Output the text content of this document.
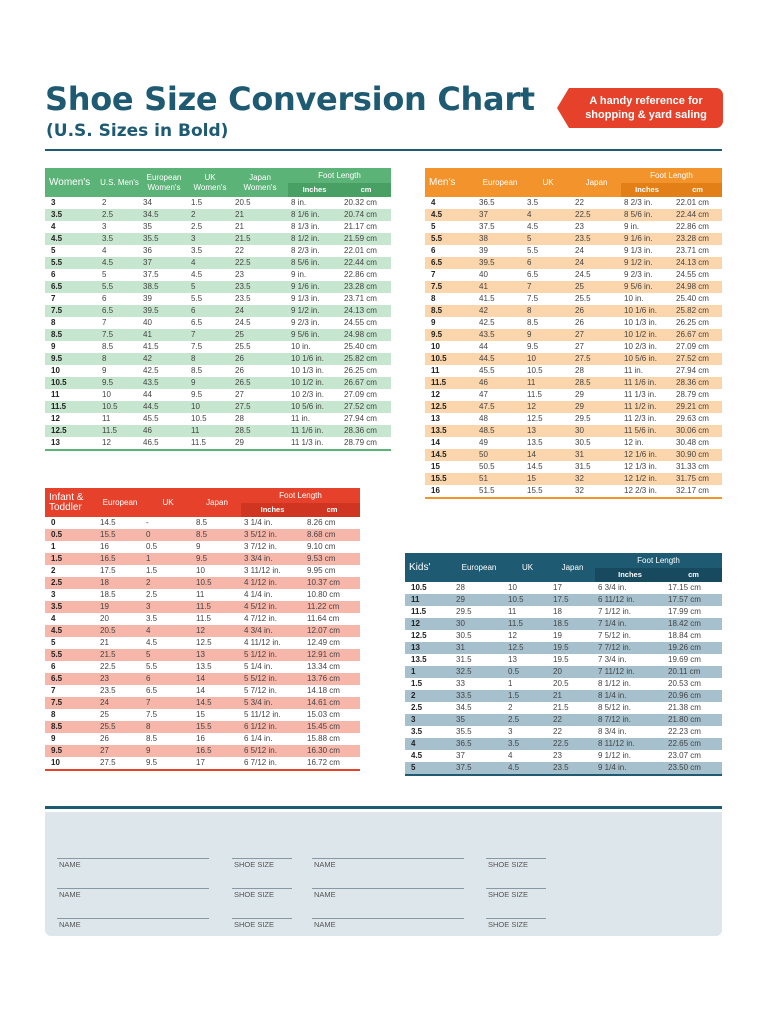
Shoe Size Conversion Chart
(U.S. Sizes in Bold)
A handy reference for
shopping & yard saling
Women's	U.S. Men's	European Women's	UK Women's	Japan Women's	Foot Length	
					Inches	cm
3	2	34	1.5	20.5	8 in.	20.32 cm
3.5	2.5	34.5	2	21	8 1/6 in.	20.74 cm
4	3	35	2.5	21	8 1/3 in.	21.17 cm
4.5	3.5	35.5	3	21.5	8 1/2 in.	21.59 cm
5	4	36	3.5	22	8 2/3 in.	22.01 cm
5.5	4.5	37	4	22.5	8 5/6 in.	22.44 cm
6	5	37.5	4.5	23	9 in.	22.86 cm
6.5	5.5	38.5	5	23.5	9 1/6 in.	23.28 cm
7	6	39	5.5	23.5	9 1/3 in.	23.71 cm
7.5	6.5	39.5	6	24	9 1/2 in.	24.13 cm
8	7	40	6.5	24.5	9 2/3 in.	24.55 cm
8.5	7.5	41	7	25	9 5/6 in.	24.98 cm
9	8.5	41.5	7.5	25.5	10 in.	25.40 cm
9.5	8	42	8	26	10 1/6 in.	25.82 cm
10	9	42.5	8.5	26	10 1/3 in.	26.25 cm
10.5	9.5	43.5	9	26.5	10 1/2 in.	26.67 cm
11	10	44	9.5	27	10 2/3 in.	27.09 cm
11.5	10.5	44.5	10	27.5	10 5/6 in.	27.52 cm
12	11	45.5	10.5	28	11 in.	27.94 cm
12.5	11.5	46	11	28.5	11 1/6 in.	28.36 cm
13	12	46.5	11.5	29	11 1/3 in.	28.79 cm

Men's	European	UK	Japan	Foot Length	
				Inches	cm
4	36.5	3.5	22	8 2/3 in.	22.01 cm
4.5	37	4	22.5	8 5/6 in.	22.44 cm
5	37.5	4.5	23	9 in.	22.86 cm
5.5	38	5	23.5	9 1/6 in.	23.28 cm
6	39	5.5	24	9 1/3 in.	23.71 cm
6.5	39.5	6	24	9 1/2 in.	24.13 cm
7	40	6.5	24.5	9 2/3 in.	24.55 cm
7.5	41	7	25	9 5/6 in.	24.98 cm
8	41.5	7.5	25.5	10 in.	25.40 cm
8.5	42	8	26	10 1/6 in.	25.82 cm
9	42.5	8.5	26	10 1/3 in.	26.25 cm
9.5	43.5	9	27	10 1/2 in.	26.67 cm
10	44	9.5	27	10 2/3 in.	27.09 cm
10.5	44.5	10	27.5	10 5/6 in.	27.52 cm
11	45.5	10.5	28	11 in.	27.94 cm
11.5	46	11	28.5	11 1/6 in.	28.36 cm
12	47	11.5	29	11 1/3 in.	28.79 cm
12.5	47.5	12	29	11 1/2 in.	29.21 cm
13	48	12.5	29.5	11 2/3 in.	29.63 cm
13.5	48.5	13	30	11 5/6 in.	30.06 cm
14	49	13.5	30.5	12 in.	30.48 cm
14.5	50	14	31	12 1/6 in.	30.90 cm
15	50.5	14.5	31.5	12 1/3 in.	31.33 cm
15.5	51	15	32	12 1/2 in.	31.75 cm
16	51.5	15.5	32	12 2/3 in.	32.17 cm

Infant & Toddler	European	UK	Japan	Foot Length	
				Inches	cm
0	14.5	-	8.5	3 1/4 in.	8.26 cm
0.5	15.5	0	8.5	3 5/12 in.	8.68 cm
1	16	0.5	9	3 7/12 in.	9.10 cm
1.5	16.5	1	9.5	3 3/4 in.	9.53 cm
2	17.5	1.5	10	3 11/12 in.	9.95 cm
2.5	18	2	10.5	4 1/12 in.	10.37 cm
3	18.5	2.5	11	4 1/4 in.	10.80 cm
3.5	19	3	11.5	4 5/12 in.	11.22 cm
4	20	3.5	11.5	4 7/12 in.	11.64 cm
4.5	20.5	4	12	4 3/4 in.	12.07 cm
5	21	4.5	12.5	4 11/12 in.	12.49 cm
5.5	21.5	5	13	5 1/12 in.	12.91 cm
6	22.5	5.5	13.5	5 1/4 in.	13.34 cm
6.5	23	6	14	5 5/12 in.	13.76 cm
7	23.5	6.5	14	5 7/12 in.	14.18 cm
7.5	24	7	14.5	5 3/4 in.	14.61 cm
8	25	7.5	15	5 11/12 in.	15.03 cm
8.5	25.5	8	15.5	6 1/12 in.	15.45 cm
9	26	8.5	16	6 1/4 in.	15.88 cm
9.5	27	9	16.5	6 5/12 in.	16.30 cm
10	27.5	9.5	17	6 7/12 in.	16.72 cm

Kids'	European	UK	Japan	Foot Length	
				Inches	cm
10.5	28	10	17	6 3/4 in.	17.15 cm
11	29	10.5	17.5	6 11/12 in.	17.57 cm
11.5	29.5	11	18	7 1/12 in.	17.99 cm
12	30	11.5	18.5	7 1/4 in.	18.42 cm
12.5	30.5	12	19	7 5/12 in.	18.84 cm
13	31	12.5	19.5	7 7/12 in.	19.26 cm
13.5	31.5	13	19.5	7 3/4 in.	19.69 cm
1	32.5	0.5	20	7 11/12 in.	20.11 cm
1.5	33	1	20.5	8 1/12 in.	20.53 cm
2	33.5	1.5	21	8 1/4 in.	20.96 cm
2.5	34.5	2	21.5	8 5/12 in.	21.38 cm
3	35	2.5	22	8 7/12 in.	21.80 cm
3.5	35.5	3	22	8 3/4 in.	22.23 cm
4	36.5	3.5	22.5	8 11/12 in.	22.65 cm
4.5	37	4	23	9 1/12 in.	23.07 cm
5	37.5	4.5	23.5	9 1/4 in.	23.50 cm

NAME	SHOE SIZE	NAME	SHOE SIZE
NAME	SHOE SIZE	NAME	SHOE SIZE
NAME	SHOE SIZE	NAME	SHOE SIZE
